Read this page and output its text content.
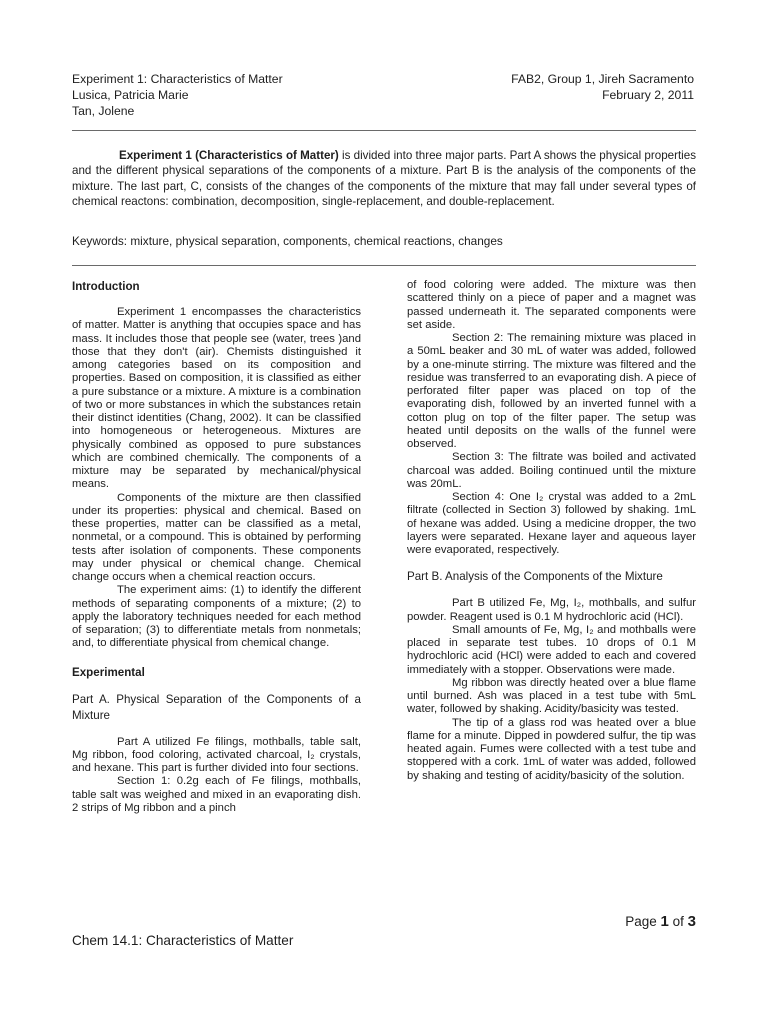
Experiment 1: Characteristics of Matter
Lusica, Patricia Marie
Tan, Jolene
FAB2, Group 1, Jireh Sacramento
February 2, 2011
Experiment 1 (Characteristics of Matter) is divided into three major parts. Part A shows the physical properties and the different physical separations of the components of a mixture. Part B is the analysis of the components of the mixture. The last part, C, consists of the changes of the components of the mixture that may fall under several types of chemical reactons: combination, decomposition, single-replacement, and double-replacement.
Keywords: mixture, physical separation, components, chemical reactions, changes
Introduction

Experiment 1 encompasses the characteristics of matter. Matter is anything that occupies space and has mass. It includes those that people see (water, trees )and those that they don't (air). Chemists distinguished it among categories based on its composition and properties. Based on composition, it is classified as either a pure substance or a mixture. A mixture is a combination of two or more substances in which the substances retain their distinct identities (Chang, 2002). It can be classified into homogeneous or heterogeneous. Mixtures are physically combined as opposed to pure substances which are combined chemically. The components of a mixture may be separated by mechanical/physical means.

Components of the mixture are then classified under its properties: physical and chemical. Based on these properties, matter can be classified as a metal, nonmetal, or a compound. This is obtained by performing tests after isolation of components. These components may under physical or chemical change. Chemical change occurs when a chemical reaction occurs.

The experiment aims: (1) to identify the different methods of separating components of a mixture; (2) to apply the laboratory techniques needed for each method of separation; (3) to differentiate metals from nonmetals; and, to differentiate physical from chemical change.

Experimental

Part A. Physical Separation of the Components of a Mixture

Part A utilized Fe filings, mothballs, table salt, Mg ribbon, food coloring, activated charcoal, I₂ crystals, and hexane. This part is further divided into four sections.

Section 1: 0.2g each of Fe filings, mothballs, table salt was weighed and mixed in an evaporating dish. 2 strips of Mg ribbon and a pinch

of food coloring were added. The mixture was then scattered thinly on a piece of paper and a magnet was passed underneath it. The separated components were set aside.

Section 2: The remaining mixture was placed in a 50mL beaker and 30 mL of water was added, followed by a one-minute stirring. The mixture was filtered and the residue was transferred to an evaporating dish. A piece of perforated filter paper was placed on top of the evaporating dish, followed by an inverted funnel with a cotton plug on top of the filter paper. The setup was heated until deposits on the walls of the funnel were observed.

Section 3: The filtrate was boiled and activated charcoal was added. Boiling continued until the mixture was 20mL.

Section 4: One I₂ crystal was added to a 2mL filtrate (collected in Section 3) followed by shaking. 1mL of hexane was added. Using a medicine dropper, the two layers were separated. Hexane layer and aqueous layer were evaporated, respectively.

Part B. Analysis of the Components of the Mixture

Part B utilized Fe, Mg, I₂, mothballs, and sulfur powder. Reagent used is 0.1 M hydrochloric acid (HCl).

Small amounts of Fe, Mg, I₂ and mothballs were placed in separate test tubes. 10 drops of 0.1 M hydrochloric acid (HCl) were added to each and covered immediately with a stopper. Observations were made.

Mg ribbon was directly heated over a blue flame until burned. Ash was placed in a test tube with 5mL water, followed by shaking. Acidity/basicity was tested.

The tip of a glass rod was heated over a blue flame for a minute. Dipped in powdered sulfur, the tip was heated again. Fumes were collected with a test tube and stoppered with a cork. 1mL of water was added, followed by shaking and testing of acidity/basicity of the solution.

Page 1 of 3
Chem 14.1: Characteristics of Matter
